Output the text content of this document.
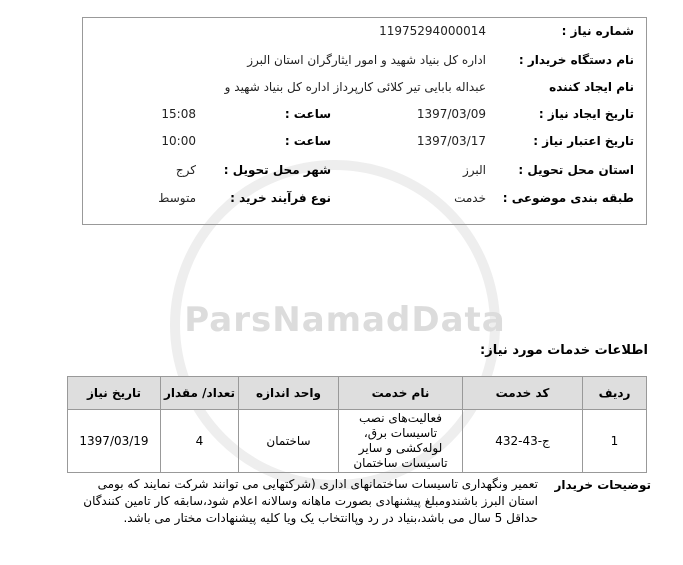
ParsNamadData
شماره نیاز :
11975294000014
نام دستگاه خریدار :
اداره کل بنیاد شهید و امور ایثارگران استان البرز
نام ایجاد کننده
عبداله بابایی تیر کلائی کارپرداز اداره کل بنیاد شهید و
تاریخ ایجاد نیاز :
1397/03/09
ساعت :
15:08
تاریخ اعتبار نیاز :
1397/03/17
ساعت :
10:00
استان محل تحویل :
البرز
شهر محل تحویل :
کرج
طبقه بندی موضوعی :
خدمت
نوع فرآیند خرید :
متوسط
اطلاعات خدمات مورد نیاز:
ردیف	کد خدمت	نام خدمت	واحد اندازه	تعداد/ مقدار	تاریخ نیاز
1	ج-43-432	فعالیت‌های نصب تاسیسات برق، لوله‌کشی و سایر تاسیسات ساختمان	ساختمان	4	1397/03/19
توضیحات خریدار
تعمیر ونگهداری تاسیسات ساختمانهای اداری (شرکتهایی می توانند شرکت نمایند که بومی استان البرز باشندومبلغ پیشنهادی بصورت ماهانه وسالانه اعلام شود،سابقه کار تامین کنندگان حداقل 5 سال می باشد،بنیاد در رد وپاانتخاب یک ویا کلیه پیشنهادات مختار می باشد.
